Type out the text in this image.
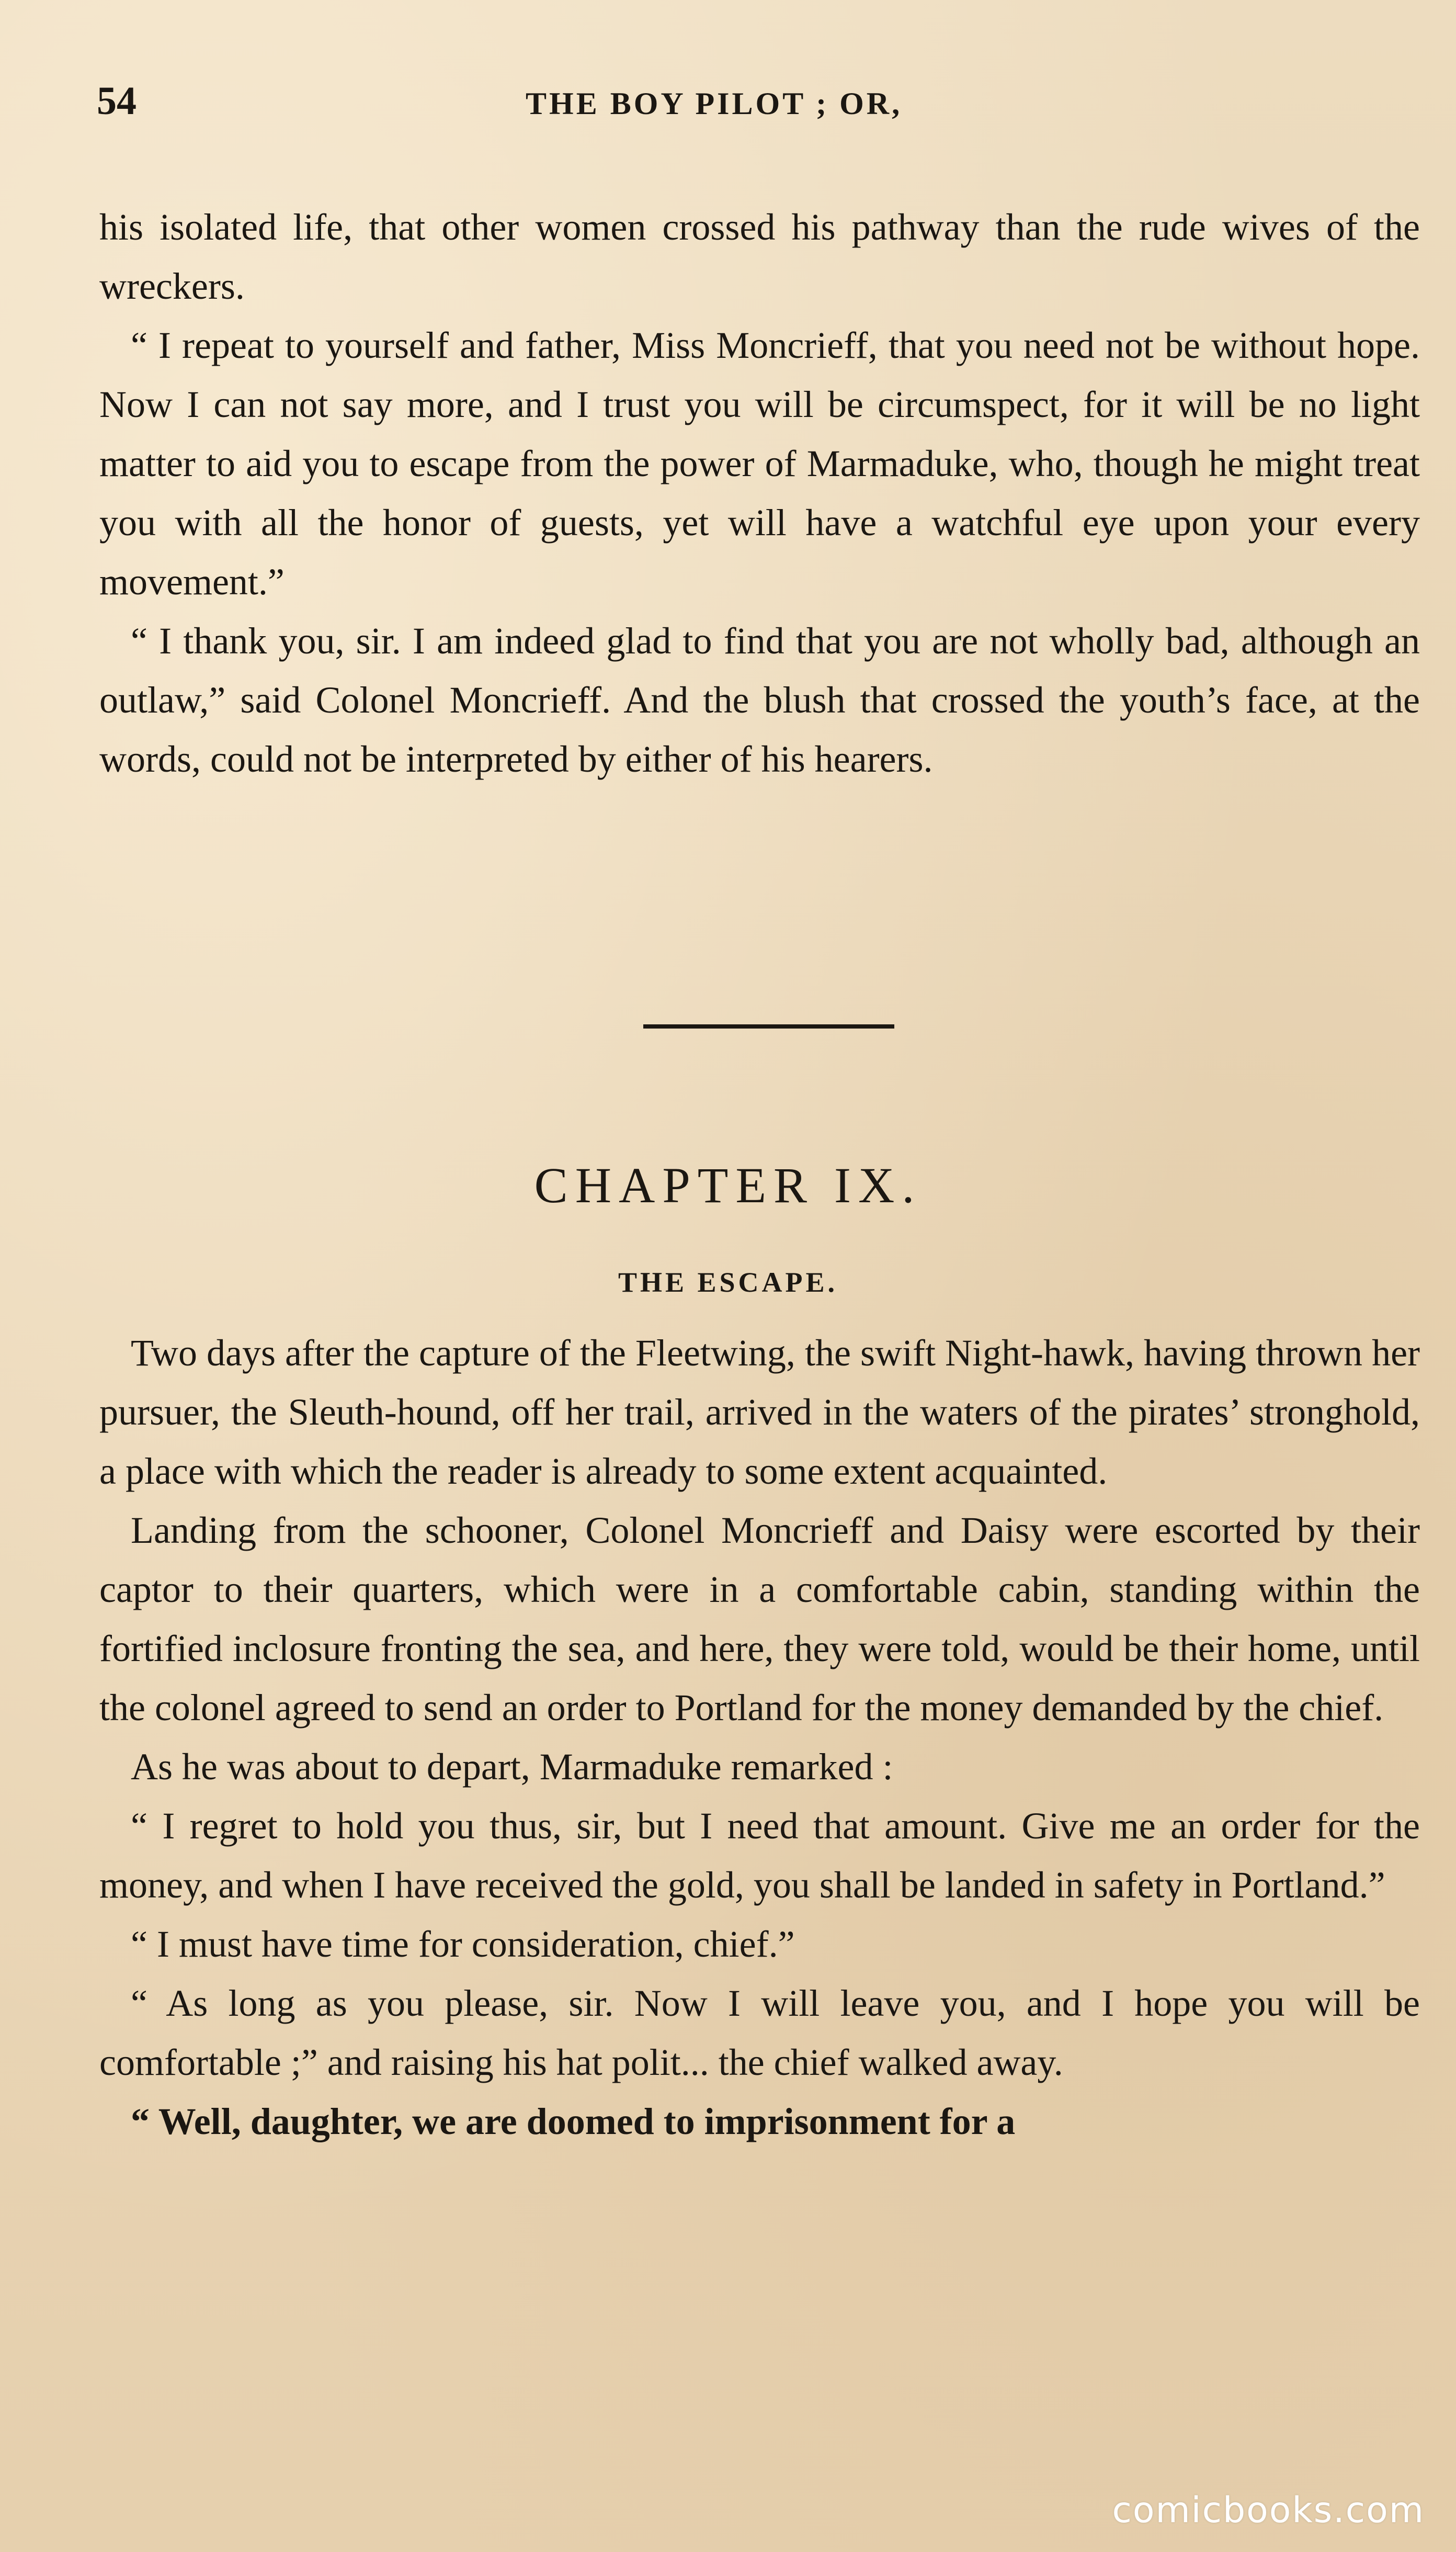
54	THE BOY PILOT ; OR,

his isolated life, that other women crossed his pathway than the rude wives of the wreckers.

“ I repeat to yourself and father, Miss Moncrieff, that you need not be without hope. Now I can not say more, and I trust you will be circumspect, for it will be no light matter to aid you to escape from the power of Marmaduke, who, though he might treat you with all the honor of guests, yet will have a watchful eye upon your every movement.”

“ I thank you, sir. I am indeed glad to find that you are not wholly bad, although an outlaw,” said Colonel Moncrieff. And the blush that crossed the youth’s face, at the words, could not be interpreted by either of his hearers.

CHAPTER IX.
THE ESCAPE.

Two days after the capture of the Fleetwing, the swift Night-hawk, having thrown her pursuer, the Sleuth-hound, off her trail, arrived in the waters of the pirates’ stronghold, a place with which the reader is already to some extent acquainted.

Landing from the schooner, Colonel Moncrieff and Daisy were escorted by their captor to their quarters, which were in a comfortable cabin, standing within the fortified inclosure fronting the sea, and here, they were told, would be their home, until the colonel agreed to send an order to Portland for the money demanded by the chief.

As he was about to depart, Marmaduke remarked :

“ I regret to hold you thus, sir, but I need that amount. Give me an order for the money, and when I have received the gold, you shall be landed in safety in Portland.”

“ I must have time for consideration, chief.”

“ As long as you please, sir. Now I will leave you, and I hope you will be comfortable ;” and raising his hat polit... the chief walked away.

“ Well, daughter, we are doomed to imprisonment for a

comicbooks.com
